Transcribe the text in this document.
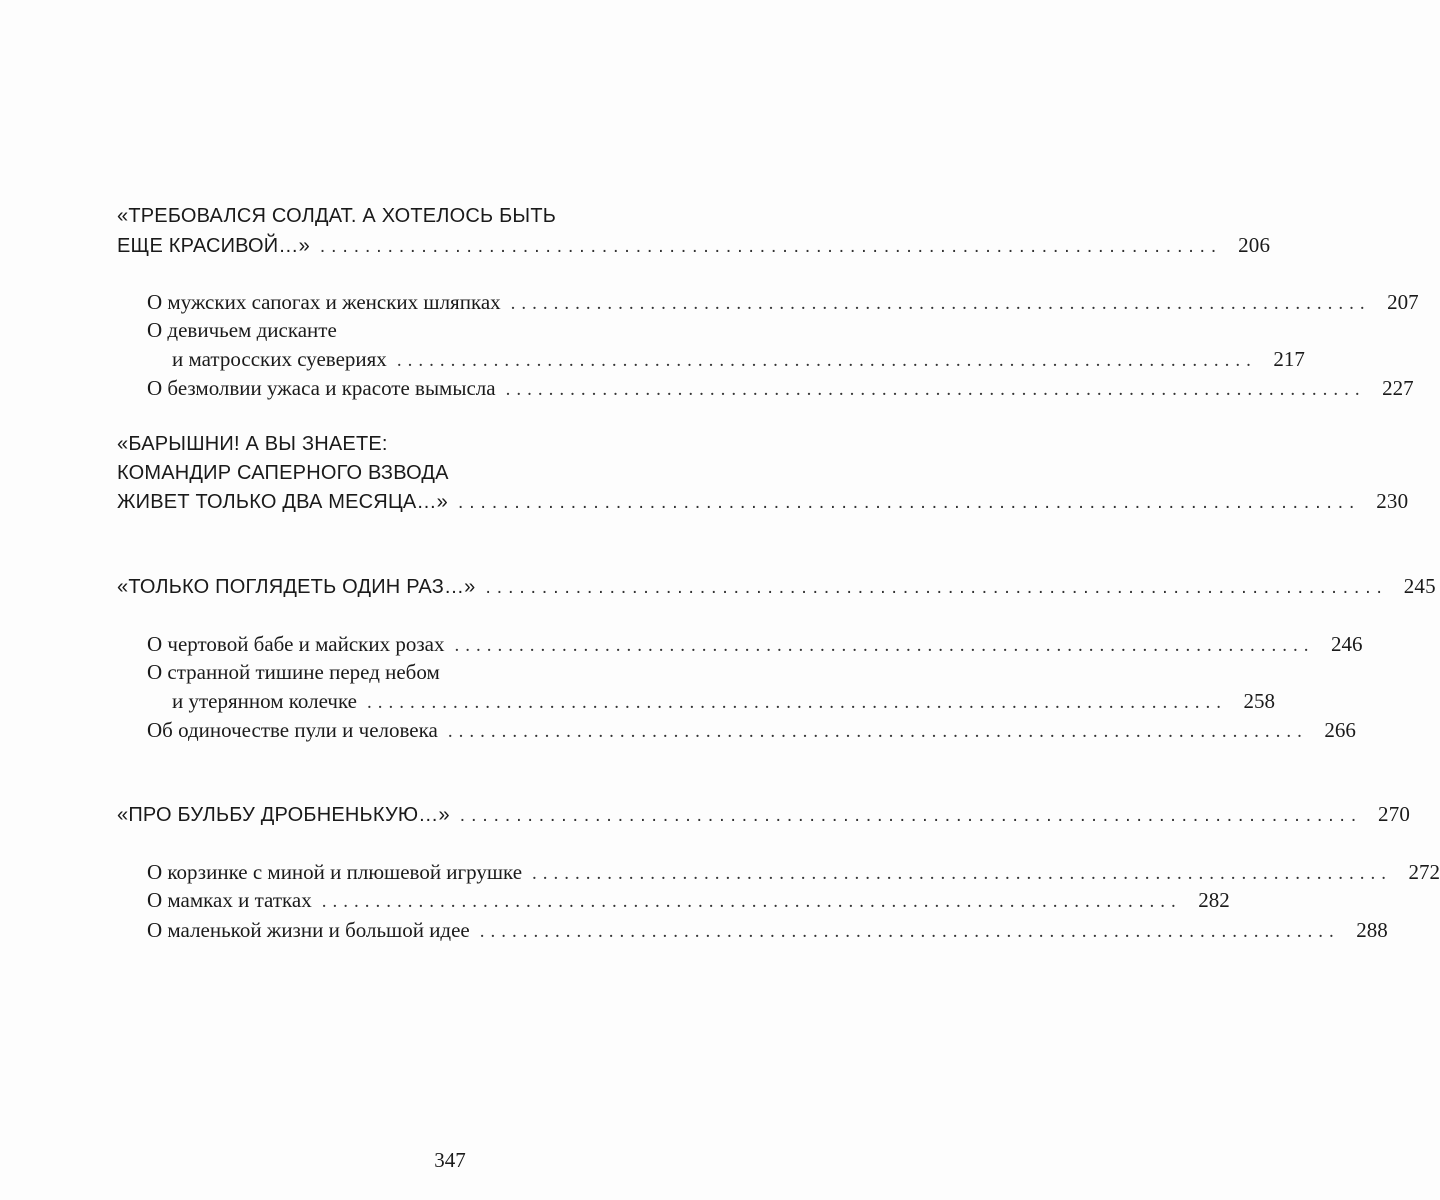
«ТРЕБОВАЛСЯ СОЛДАТ. А ХОТЕЛОСЬ БЫТЬ
ЕЩЕ КРАСИВОЙ…» ................................................................................ 206
О мужских сапогах и женских шляпках ................................................................................ 207
О девичьем дисканте
и матросских суевериях ................................................................................ 217
О безмолвии ужаса и красоте вымысла ................................................................................ 227
«БАРЫШНИ! А ВЫ ЗНАЕТЕ:
КОМАНДИР САПЕРНОГО ВЗВОДА
ЖИВЕТ ТОЛЬКО ДВА МЕСЯЦА…» ................................................................................ 230
«ТОЛЬКО ПОГЛЯДЕТЬ ОДИН РАЗ…» ................................................................................ 245
О чертовой бабе и майских розах ................................................................................ 246
О странной тишине перед небом
и утерянном колечке ................................................................................ 258
Об одиночестве пули и человека ................................................................................ 266
«ПРО БУЛЬБУ ДРОБНЕНЬКУЮ…» ................................................................................ 270
О корзинке с миной и плюшевой игрушке ................................................................................ 272
О мамках и татках ................................................................................ 282
О маленькой жизни и большой идее ................................................................................ 288
347
